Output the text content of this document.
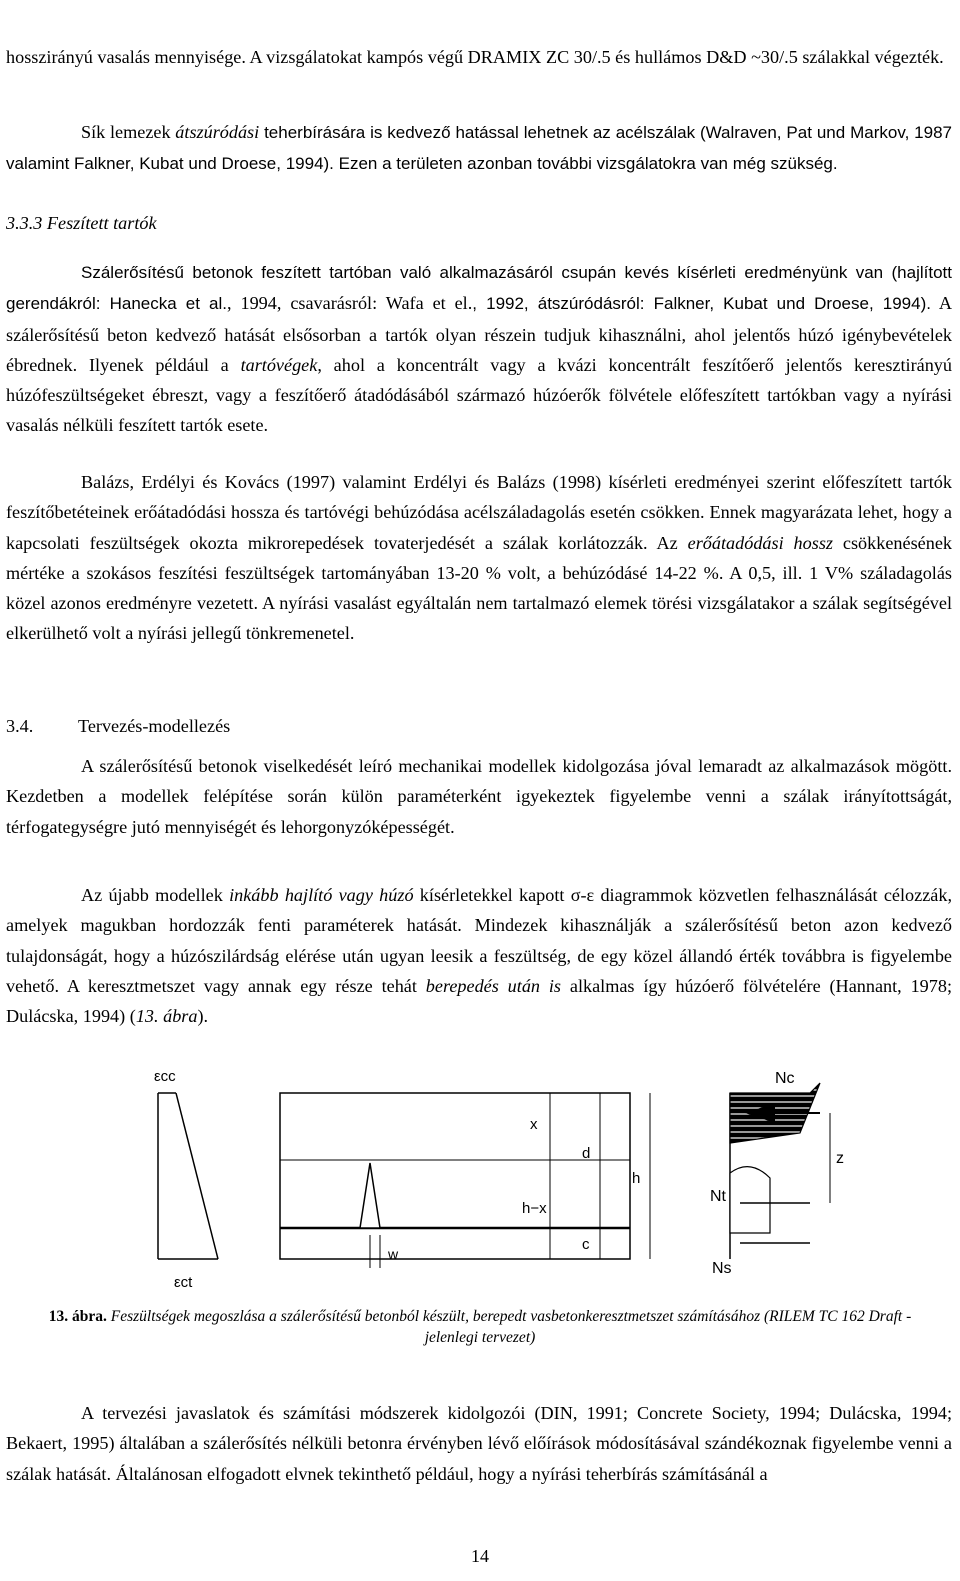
hosszirányú vasalás mennyisége. A vizsgálatokat kampós végű DRAMIX ZC 30/.5 és hullámos D&D ~30/.5 szálakkal végezték.

Sík lemezek átszúródási teherbírására is kedvező hatással lehetnek az acélszálak (Walraven, Pat und Markov, 1987 valamint Falkner, Kubat und Droese, 1994). Ezen a területen azonban további vizsgálatokra van még szükség.

3.3.3 Feszített tartók

Szálerősítésű betonok feszített tartóban való alkalmazásáról csupán kevés kísérleti eredményünk van (hajlított gerendákról: Hanecka et al., 1994, csavarásról: Wafa et el., 1992, átszúródásról: Falkner, Kubat und Droese, 1994). A szálerősítésű beton kedvező hatását elsősorban a tartók olyan részein tudjuk kihasználni, ahol jelentős húzó igénybevételek ébrednek. Ilyenek például a tartóvégek, ahol a koncentrált vagy a kvázi koncentrált feszítőerő jelentős keresztirányú húzófeszültségeket ébreszt, vagy a feszítőerő átadódásából származó húzóerők fölvétele előfeszített tartókban vagy a nyírási vasalás nélküli feszített tartók esete.

Balázs, Erdélyi és Kovács (1997) valamint Erdélyi és Balázs (1998) kísérleti eredményei szerint előfeszített tartók feszítőbetéteinek erőátadódási hossza és tartóvégi behúzódása acélszáladagolás esetén csökken. Ennek magyarázata lehet, hogy a kapcsolati feszültségek okozta mikrorepedések tovaterjedését a szálak korlátozzák. Az erőátadódási hossz csökkenésének mértéke a szokásos feszítési feszültségek tartományában 13-20 % volt, a behúzódásé 14-22 %. A 0,5, ill. 1 V% száladagolás közel azonos eredményre vezetett. A nyírási vasalást egyáltalán nem tartalmazó elemek törési vizsgálatakor a szálak segítségével elkerülhető volt a nyírási jellegű tönkremenetel.

3.4. Tervezés-modellezés

A szálerősítésű betonok viselkedését leíró mechanikai modellek kidolgozása jóval lemaradt az alkalmazások mögött. Kezdetben a modellek felépítése során külön paraméterként igyekeztek figyelembe venni a szálak irányítottságát, térfogategységre jutó mennyiségét és lehorgonyzóképességét.

Az újabb modellek inkább hajlító vagy húzó kísérletekkel kapott σ-ε diagrammok közvetlen felhasználását célozzák, amelyek magukban hordozzák fenti paraméterek hatását. Mindezek kihasználják a szálerősítésű beton azon kedvező tulajdonságát, hogy a húzószilárdság elérése után ugyan leesik a feszültség, de egy közel állandó érték továbbra is figyelembe vehető. A keresztmetszet vagy annak egy része tehát berepedés után is alkalmas így húzóerő fölvételére (Hannant, 1978; Dulácska, 1994) (13. ábra).

εcc
εct
w
x
h−x
d
c
h
Nc
Nt
Ns
z
13. ábra. Feszültségek megoszlása a szálerősítésű betonból készült, berepedt vasbetonkeresztmetszet számításához (RILEM TC 162 Draft - jelenlegi tervezet)

A tervezési javaslatok és számítási módszerek kidolgozói (DIN, 1991; Concrete Society, 1994; Dulácska, 1994; Bekaert, 1995) általában a szálerősítés nélküli betonra érvényben lévő előírások módosításával szándékoznak figyelembe venni a szálak hatását. Általánosan elfogadott elvnek tekinthető például, hogy a nyírási teherbírás számításánál a

14
